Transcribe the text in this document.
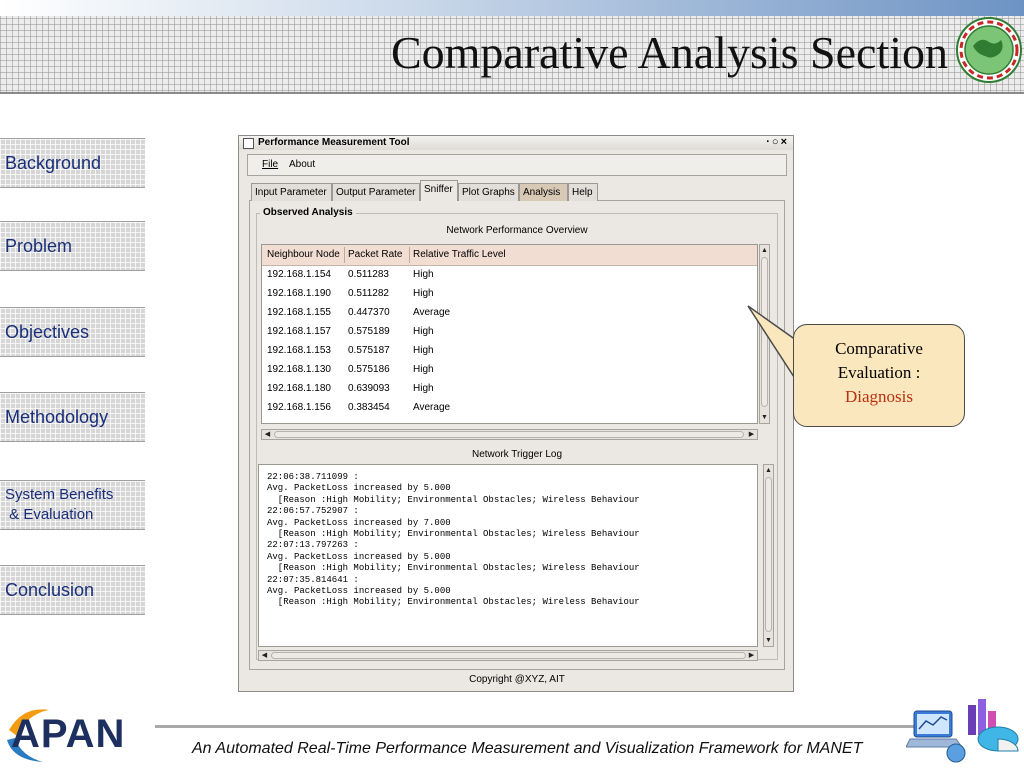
Comparative Analysis Section
Background
Problem
Objectives
Methodology
System Benefits
& Evaluation
Conclusion
Performance Measurement Tool	·○×
File About
Input Parameter Output Parameter Sniffer Plot Graphs Analysis	Help
Observed Analysis
Network Performance Overview
Neighbour Node Packet Rate Relative Traffic Level
192.168.1.154 0.511283 High
192.168.1.190 0.511282 High
192.168.1.155 0.447370 Average
192.168.1.157 0.575189 High
192.168.1.153 0.575187 High
192.168.1.130 0.575186 High
192.168.1.180 0.639093 High
192.168.1.156 0.383454 Average
▲
▼
◀	▶
Network Trigger Log
22:06:38.711099 :
Avg. PacketLoss increased by 5.000
[Reason :High Mobility; Environmental Obstacles; Wireless Behaviour
22:06:57.752907 :
Avg. PacketLoss increased by 7.000
[Reason :High Mobility; Environmental Obstacles; Wireless Behaviour
22:07:13.797263 :
Avg. PacketLoss increased by 5.000
[Reason :High Mobility; Environmental Obstacles; Wireless Behaviour
22:07:35.814641 :
Avg. PacketLoss increased by 5.000
[Reason :High Mobility; Environmental Obstacles; Wireless Behaviour
▲
▼
◀	▶
Copyright @XYZ, AIT
Comparative
Evaluation :
Diagnosis
APAN	An Automated Real-Time Performance Measurement and Visualization Framework for MANET
